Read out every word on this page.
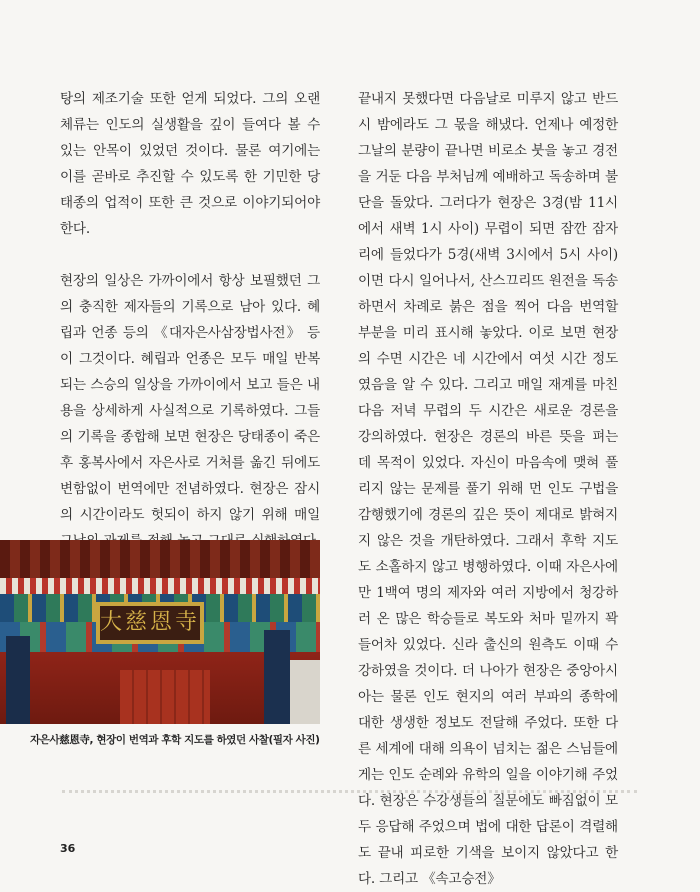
탕의 제조기술 또한 얻게 되었다. 그의 오랜 체류는 인도의 실생활을 깊이 들여다 볼 수 있는 안목이 있었던 것이다. 물론 여기에는 이를 곧바로 추진할 수 있도록 한 기민한 당태종의 업적이 또한 큰 것으로 이야기되어야 한다.

현장의 일상은 가까이에서 항상 보필했던 그의 충직한 제자들의 기록으로 남아 있다. 혜립과 언종 등의 《대자은사삼장법사전》 등이 그것이다. 혜립과 언종은 모두 매일 반복되는 스승의 일상을 가까이에서 보고 들은 내용을 상세하게 사실적으로 기록하였다. 그들의 기록을 종합해 보면 현장은 당태종이 죽은 후 홍복사에서 자은사로 거처를 옮긴 뒤에도 변함없이 번역에만 전념하였다. 현장은 잠시의 시간이라도 헛되이 하지 않기 위해 매일

끝내지 못했다면 다음날로 미루지 않고 반드시 밤에라도 그 몫을 해냈다. 언제나 예정한 그날의 분량이 끝나면 비로소 붓을 놓고 경전을 거둔 다음 부처님께 예배하고 독송하며 불단을 돌았다. 그러다가 현장은 3경(밤 11시에서 새벽 1시 사이) 무렵이 되면 잠깐 잠자리에 들었다가 5경(새벽 3시에서 5시 사이)이면 다시 일어나서, 산스끄리뜨 원전을 독송하면서 차례로 붉은 점을 찍어 다음 번역할 부분을 미리 표시해 놓았다. 이로 보면 현장의 수면 시간은 네 시간에서 여섯 시간 정도였음을 알 수 있다. 그리고 매일 재계를 마친 다음 저녁 무렵의 두 시간은 새로운 경론을 강의하였다. 현장은 경론의 바른 뜻을 펴는 데 목적이 있었다. 자신이 마음속에 맺혀 풀리지 않는 문제를 풀기 위해 먼 인도 구법을 감행했기에 경론의 깊은 뜻이 제대로 밝혀지지 않은 것을 개탄하였다. 그래서 후학 지도도 소홀하지 않고 병행하였다. 이때 자은사에만 1백여 명의 제자와 여러 지방에서 청강하러 온 많은 학승들로 복도와 처마 밑까지 꽉 들어차 있었다. 신라 출신의 원측도 이때 수강하였을 것이다. 더 나아가 현장은 중앙아시아는 물론 인도 현지의 여러 부파의 종학에 대한 생생한 정보도 전달해 주었다. 또한 다른 세계에 대해 의욕이 넘치는 젊은 스님들에게는 인도 순례와 유학의 일을 이야기해 주었다. 현장은 수강생들의 질문에도 빠짐없이 모두 응답해 주었으며 법에 대한 답론이 격렬해도 끝내 피로한 기색을 보이지 않았다고 한다. 그리고 《속고승전》

大慈恩寺
자은사慈恩寺, 현장이 번역과 후학 지도를 하였던 사찰(필자 사진)
36
